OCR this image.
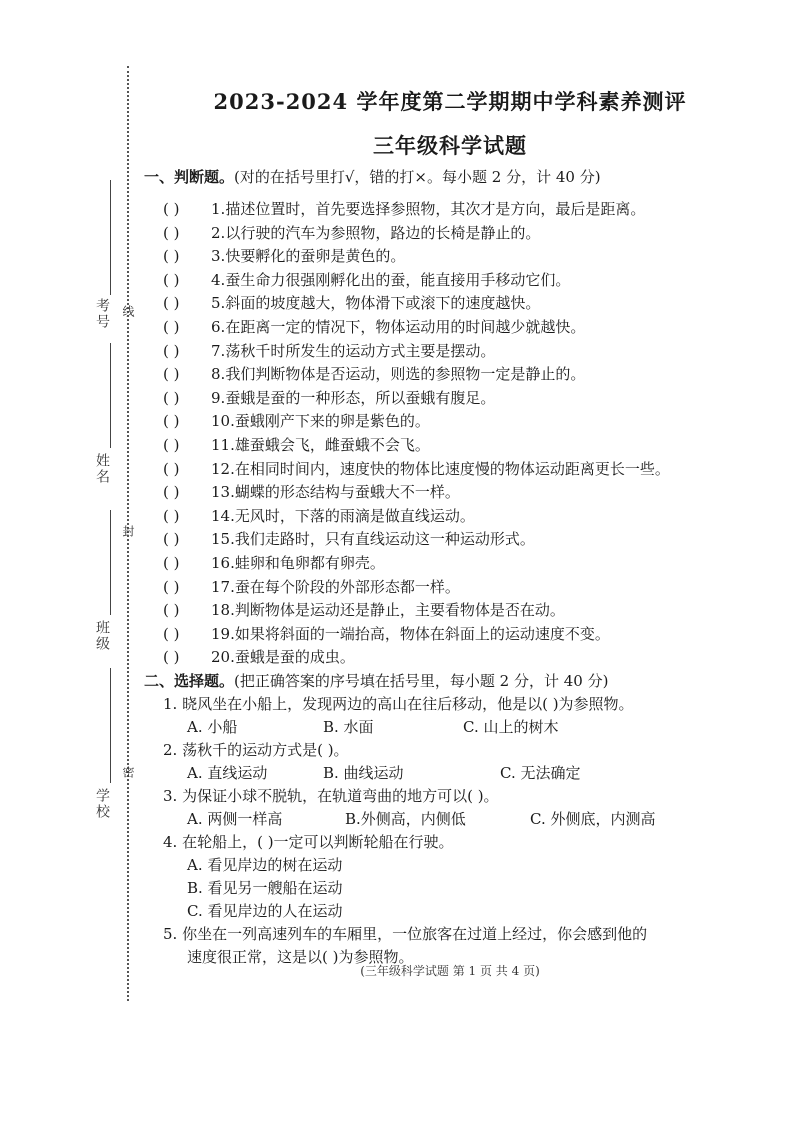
考号 线
姓名
封
班级
学校
密
2023-2024 学年度第二学期期中学科素养测评
三年级科学试题
一、判断题。(对的在括号里打√，错的打×。每小题 2 分，计 40 分)
( ) 1.描述位置时，首先要选择参照物，其次才是方向，最后是距离。
( ) 2.以行驶的汽车为参照物，路边的长椅是静止的。
( ) 3.快要孵化的蚕卵是黄色的。
( ) 4.蚕生命力很强刚孵化出的蚕，能直接用手移动它们。
( ) 5.斜面的坡度越大，物体滑下或滚下的速度越快。
( ) 6.在距离一定的情况下，物体运动用的时间越少就越快。
( ) 7.荡秋千时所发生的运动方式主要是摆动。
( ) 8.我们判断物体是否运动，则选的参照物一定是静止的。
( ) 9.蚕蛾是蚕的一种形态，所以蚕蛾有腹足。
( ) 10.蚕蛾刚产下来的卵是紫色的。
( ) 11.雄蚕蛾会飞，雌蚕蛾不会飞。
( ) 12.在相同时间内，速度快的物体比速度慢的物体运动距离更长一些。
( ) 13.蝴蝶的形态结构与蚕蛾大不一样。
( ) 14.无风时，下落的雨滴是做直线运动。
( ) 15.我们走路时，只有直线运动这一种运动形式。
( ) 16.蛙卵和龟卵都有卵壳。
( ) 17.蚕在每个阶段的外部形态都一样。
( ) 18.判断物体是运动还是静止，主要看物体是否在动。
( ) 19.如果将斜面的一端抬高，物体在斜面上的运动速度不变。
( ) 20.蚕蛾是蚕的成虫。
二、选择题。(把正确答案的序号填在括号里，每小题 2 分，计 40 分)
1. 晓风坐在小船上，发现两边的高山在往后移动，他是以( )为参照物。
A. 小船	B. 水面	C. 山上的树木
2. 荡秋千的运动方式是( )。
A. 直线运动	B. 曲线运动	C. 无法确定
3. 为保证小球不脱轨，在轨道弯曲的地方可以( )。
A. 两侧一样高	B.外侧高，内侧低	C. 外侧底，内测高
4. 在轮船上，( )一定可以判断轮船在行驶。
A. 看见岸边的树在运动
B. 看见另一艘船在运动
C. 看见岸边的人在运动
5. 你坐在一列高速列车的车厢里，一位旅客在过道上经过，你会感到他的
速度很正常，这是以( )为参照物。
(三年级科学试题 第 1 页 共 4 页)
